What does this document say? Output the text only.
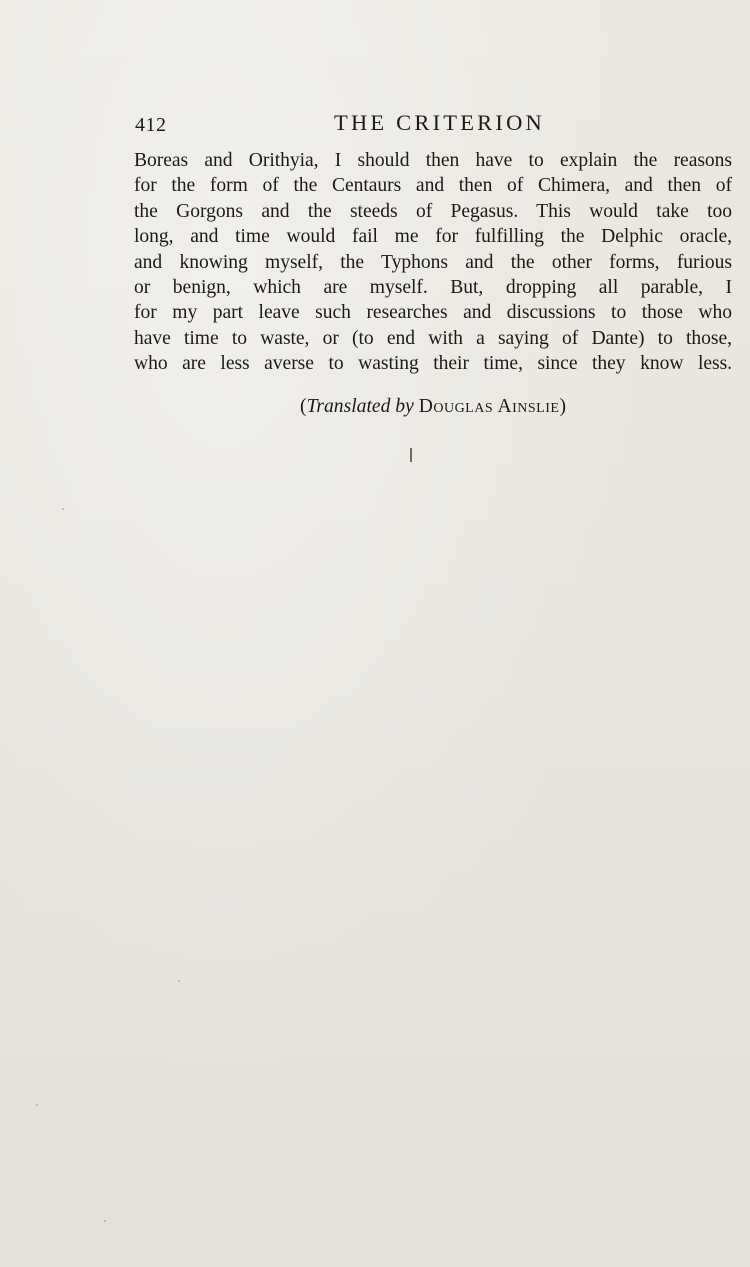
412	THE CRITERION
Boreas and Orithyia, I should then have to explain the reasons
for the form of the Centaurs and then of Chimera, and then of
the Gorgons and the steeds of Pegasus. This would take too
long, and time would fail me for fulfilling the Delphic oracle,
and knowing myself, the Typhons and the other forms, furious
or benign, which are myself. But, dropping all parable, I
for my part leave such researches and discussions to those who
have time to waste, or (to end with a saying of Dante) to those,
who are less averse to wasting their time, since they know less.
(Translated by Douglas Ainslie)
